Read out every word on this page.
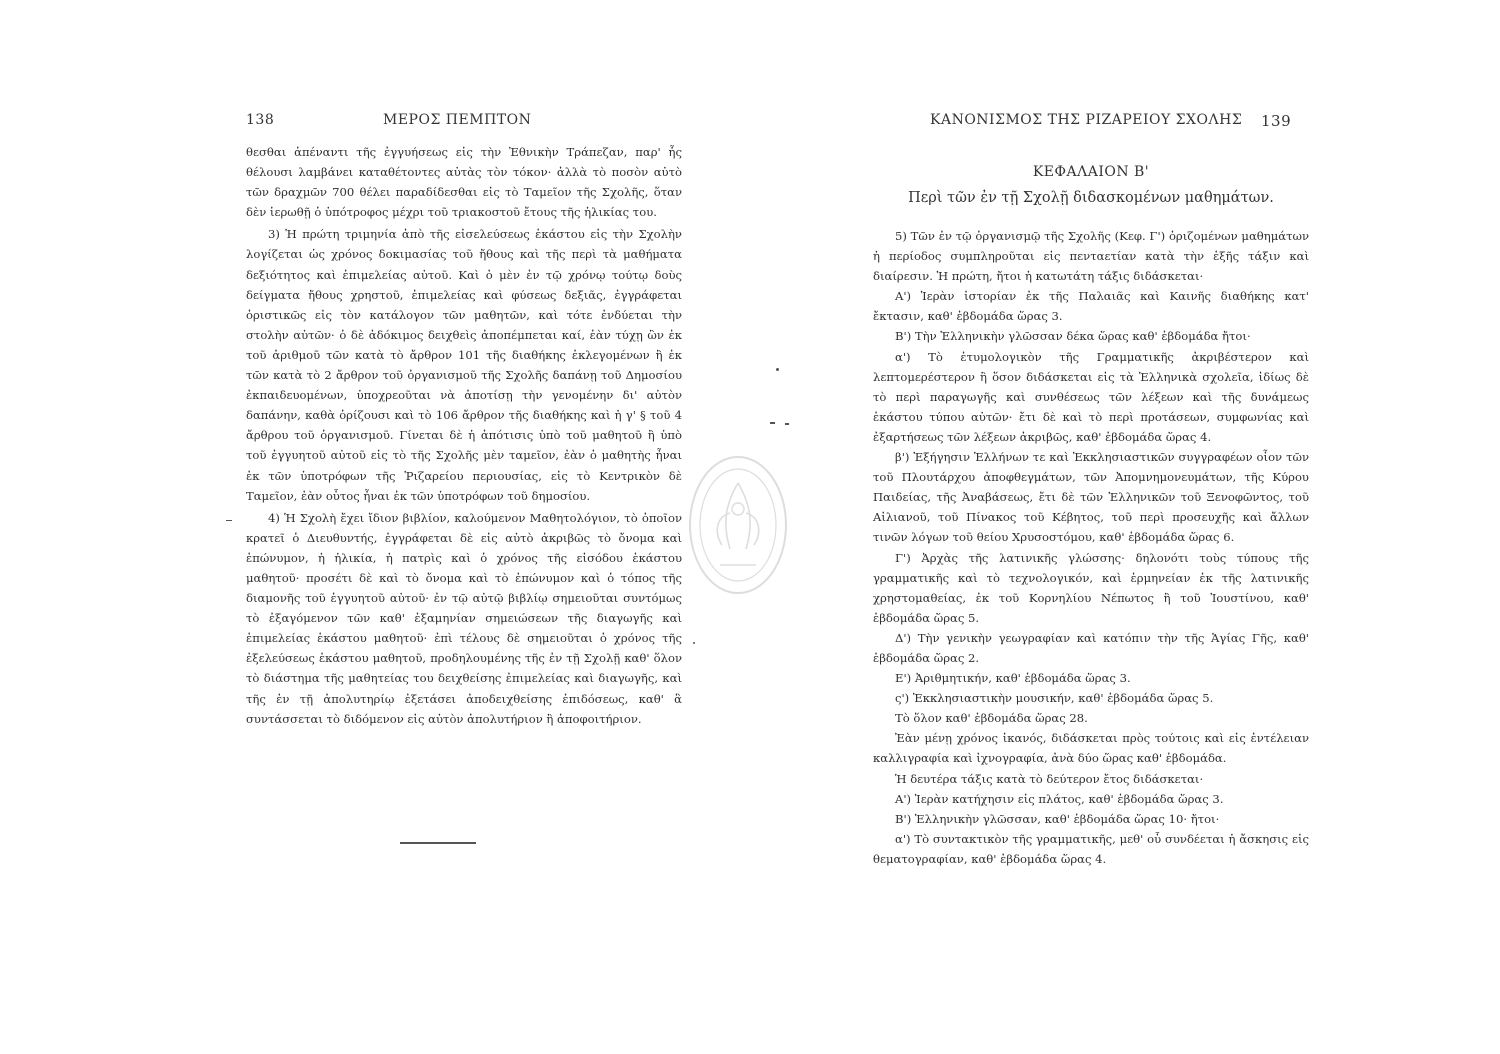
138	ΜΕΡΟΣ ΠΕΜΠΤΟΝ

θεσθαι ἀπέναντι τῆς ἐγγυήσεως εἰς τὴν Ἐθνικὴν Τράπεζαν, παρ' ἧς θέλουσι λαμβάνει καταθέτοντες αὐτὰς τὸν τόκον· ἀλλὰ τὸ ποσὸν αὐτὸ τῶν δραχμῶν 700 θέλει παραδίδεσθαι εἰς τὸ Ταμεῖον τῆς Σχολῆς, ὅταν δὲν ἱερωθῇ ὁ ὑπότροφος μέχρι τοῦ τριακοστοῦ ἔτους τῆς ἡλικίας του.

3) Ἡ πρώτη τριμηνία ἀπὸ τῆς εἰσελεύσεως ἑκάστου εἰς τὴν Σχολὴν λογίζεται ὡς χρόνος δοκιμασίας τοῦ ἤθους καὶ τῆς περὶ τὰ μαθήματα δεξιότητος καὶ ἐπιμελείας αὐτοῦ. Καὶ ὁ μὲν ἐν τῷ χρόνῳ τούτῳ δοὺς δείγματα ἤθους χρηστοῦ, ἐπιμελείας καὶ φύσεως δεξιᾶς, ἐγγράφεται ὁριστικῶς εἰς τὸν κατάλογον τῶν μαθητῶν, καὶ τότε ἐνδύεται τὴν στολὴν αὐτῶν· ὁ δὲ ἀδόκιμος δειχθεὶς ἀποπέμπεται καί, ἐὰν τύχῃ ὢν ἐκ τοῦ ἀριθμοῦ τῶν κατὰ τὸ ἄρθρον 101 τῆς διαθήκης ἐκλεγομένων ἢ ἐκ τῶν κατὰ τὸ 2 ἄρθρον τοῦ ὀργανισμοῦ τῆς Σχολῆς δαπάνῃ τοῦ Δημοσίου ἐκπαιδευομένων, ὑποχρεοῦται νὰ ἀποτίσῃ τὴν γενομένην δι' αὐτὸν δαπάνην, καθὰ ὁρίζουσι καὶ τὸ 106 ἄρθρον τῆς διαθήκης καὶ ἡ γ' § τοῦ 4 ἄρθρου τοῦ ὀργανισμοῦ. Γίνεται δὲ ἡ ἀπότισις ὑπὸ τοῦ μαθητοῦ ἢ ὑπὸ τοῦ ἐγγυητοῦ αὐτοῦ εἰς τὸ τῆς Σχολῆς μὲν ταμεῖον, ἐὰν ὁ μαθητὴς ἦναι ἐκ τῶν ὑποτρόφων τῆς Ῥιζαρείου περιουσίας, εἰς τὸ Κεντρικὸν δὲ Ταμεῖον, ἐὰν οὗτος ἦναι ἐκ τῶν ὑποτρόφων τοῦ δημοσίου.

4) Ἡ Σχολὴ ἔχει ἴδιον βιβλίον, καλούμενον Μαθητολόγιον, τὸ ὁποῖον κρατεῖ ὁ Διευθυντής, ἐγγράφεται δὲ εἰς αὐτὸ ἀκριβῶς τὸ ὄνομα καὶ ἐπώνυμον, ἡ ἡλικία, ἡ πατρὶς καὶ ὁ χρόνος τῆς εἰσόδου ἑκάστου μαθητοῦ· προσέτι δὲ καὶ τὸ ὄνομα καὶ τὸ ἐπώνυμον καὶ ὁ τόπος τῆς διαμονῆς τοῦ ἐγγυητοῦ αὐτοῦ· ἐν τῷ αὐτῷ βιβλίῳ σημειοῦται συντόμως τὸ ἐξαγόμενον τῶν καθ' ἑξαμηνίαν σημειώσεων τῆς διαγωγῆς καὶ ἐπιμελείας ἑκάστου μαθητοῦ· ἐπὶ τέλους δὲ σημειοῦται ὁ χρόνος τῆς ἐξελεύσεως ἑκάστου μαθητοῦ, προδηλουμένης τῆς ἐν τῇ Σχολῇ καθ' ὅλον τὸ διάστημα τῆς μαθητείας του δειχθείσης ἐπιμελείας καὶ διαγωγῆς, καὶ τῆς ἐν τῇ ἀπολυτηρίῳ ἐξετάσει ἀποδειχθείσης ἐπιδόσεως, καθ' ἃ συντάσσεται τὸ διδόμενον εἰς αὐτὸν ἀπολυτήριον ἢ ἀποφοιτήριον.

ΚΑΝΟΝΙΣΜΟΣ ΤΗΣ ΡΙΖΑΡΕΙΟΥ ΣΧΟΛΗΣ 139
ΚΕΦΑΛΑΙΟΝ Β'
Περὶ τῶν ἐν τῇ Σχολῇ διδασκομένων μαθημάτων.

5) Τῶν ἐν τῷ ὀργανισμῷ τῆς Σχολῆς (Κεφ. Γ') ὁριζομένων μαθημάτων ἡ περίοδος συμπληροῦται εἰς πενταετίαν κατὰ τὴν ἑξῆς τάξιν καὶ διαίρεσιν. Ἡ πρώτη, ἤτοι ἡ κατωτάτη τάξις διδάσκεται·

Α') Ἱερὰν ἱστορίαν ἐκ τῆς Παλαιᾶς καὶ Καινῆς διαθήκης κατ' ἔκτασιν, καθ' ἑβδομάδα ὥρας 3.

Β') Τὴν Ἑλληνικὴν γλῶσσαν δέκα ὥρας καθ' ἑβδομάδα ἤτοι·

α') Τὸ ἐτυμολογικὸν τῆς Γραμματικῆς ἀκριβέστερον καὶ λεπτομερέστερον ἢ ὅσον διδάσκεται εἰς τὰ Ἑλληνικὰ σχολεῖα, ἰδίως δὲ τὸ περὶ παραγωγῆς καὶ συνθέσεως τῶν λέξεων καὶ τῆς δυνάμεως ἑκάστου τύπου αὐτῶν· ἔτι δὲ καὶ τὸ περὶ προτάσεων, συμφωνίας καὶ ἐξαρτήσεως τῶν λέξεων ἀκριβῶς, καθ' ἑβδομάδα ὥρας 4.

β') Ἐξήγησιν Ἑλλήνων τε καὶ Ἐκκλησιαστικῶν συγγραφέων οἷον τῶν τοῦ Πλουτάρχου ἀποφθεγμάτων, τῶν Ἀπομνημονευμάτων, τῆς Κύρου Παιδείας, τῆς Ἀναβάσεως, ἔτι δὲ τῶν Ἑλληνικῶν τοῦ Ξενοφῶντος, τοῦ Αἰλιανοῦ, τοῦ Πίνακος τοῦ Κέβητος, τοῦ περὶ προσευχῆς καὶ ἄλλων τινῶν λόγων τοῦ θείου Χρυσοστόμου, καθ' ἑβδομάδα ὥρας 6.

Γ') Ἀρχὰς τῆς λατινικῆς γλώσσης· δηλονότι τοὺς τύπους τῆς γραμματικῆς καὶ τὸ τεχνολογικόν, καὶ ἑρμηνείαν ἐκ τῆς λατινικῆς χρηστομαθείας, ἐκ τοῦ Κορνηλίου Νέπωτος ἢ τοῦ Ἰουστίνου, καθ' ἑβδομάδα ὥρας 5.

Δ') Τὴν γενικὴν γεωγραφίαν καὶ κατόπιν τὴν τῆς Ἁγίας Γῆς, καθ' ἑβδομάδα ὥρας 2.

Ε') Ἀριθμητικήν, καθ' ἑβδομάδα ὥρας 3.

ς') Ἐκκλησιαστικὴν μουσικήν, καθ' ἑβδομάδα ὥρας 5.

Τὸ ὅλον καθ' ἑβδομάδα ὥρας 28.

Ἐὰν μένῃ χρόνος ἱκανός, διδάσκεται πρὸς τούτοις καὶ εἰς ἐντέλειαν καλλιγραφία καὶ ἰχνογραφία, ἀνὰ δύο ὥρας καθ' ἑβδομάδα.

Ἡ δευτέρα τάξις κατὰ τὸ δεύτερον ἔτος διδάσκεται·

Α') Ἱερὰν κατήχησιν εἰς πλάτος, καθ' ἑβδομάδα ὥρας 3.

Β') Ἑλληνικὴν γλῶσσαν, καθ' ἑβδομάδα ὥρας 10· ἤτοι·

α') Τὸ συντακτικὸν τῆς γραμματικῆς, μεθ' οὗ συνδέεται ἡ ἄσκησις εἰς θεματογραφίαν, καθ' ἑβδομάδα ὥρας 4.
